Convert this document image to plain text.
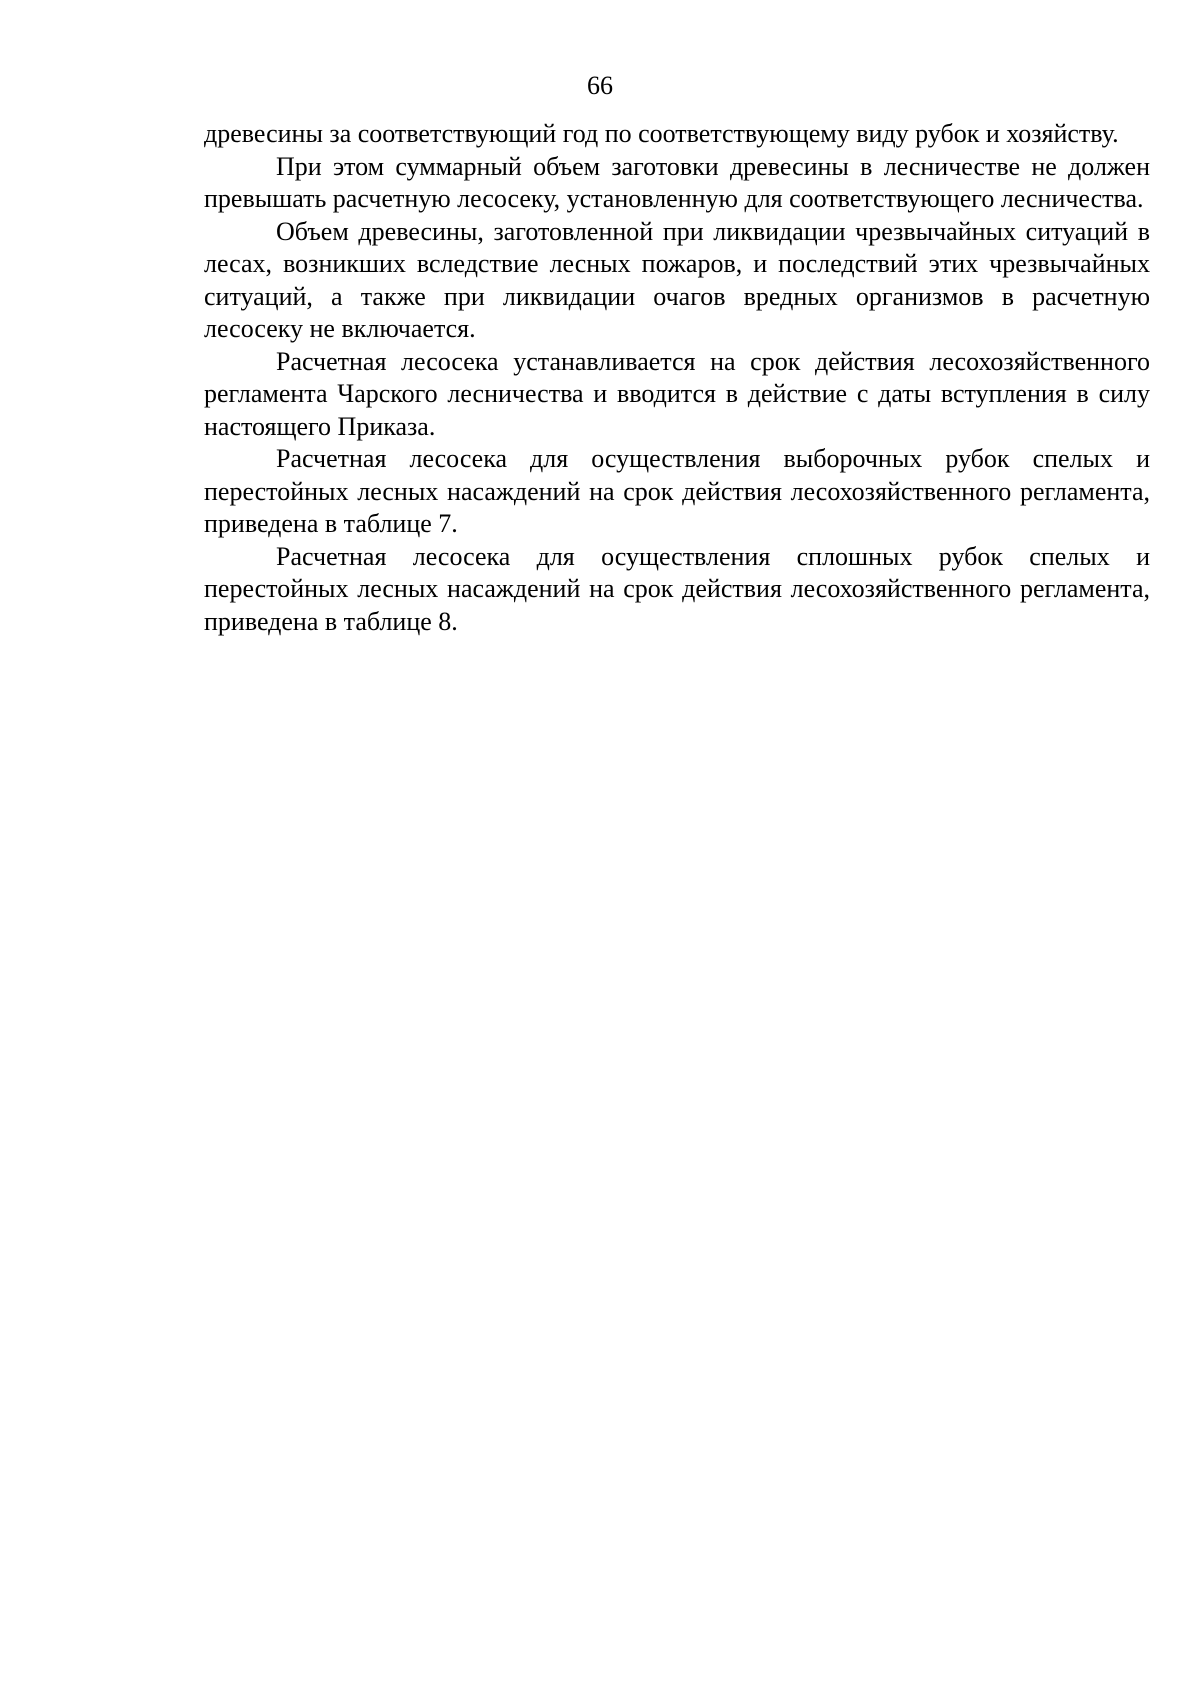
66

древесины за соответствующий год по соответствующему виду рубок и хозяйству.

При этом суммарный объем заготовки древесины в лесничестве не должен превышать расчетную лесосеку, установленную для соответствующего лесничества.

Объем древесины, заготовленной при ликвидации чрезвычайных ситуаций в лесах, возникших вследствие лесных пожаров, и последствий этих чрезвычайных ситуаций, а также при ликвидации очагов вредных организмов в расчетную лесосеку не включается.

Расчетная лесосека устанавливается на срок действия лесохозяйственного регламента Чарского лесничества и вводится в действие с даты вступления в силу настоящего Приказа.

Расчетная лесосека для осуществления выборочных рубок спелых и перестойных лесных насаждений на срок действия лесохозяйственного регламента, приведена в таблице 7.

Расчетная лесосека для осуществления сплошных рубок спелых и перестойных лесных насаждений на срок действия лесохозяйственного регламента, приведена в таблице 8.
